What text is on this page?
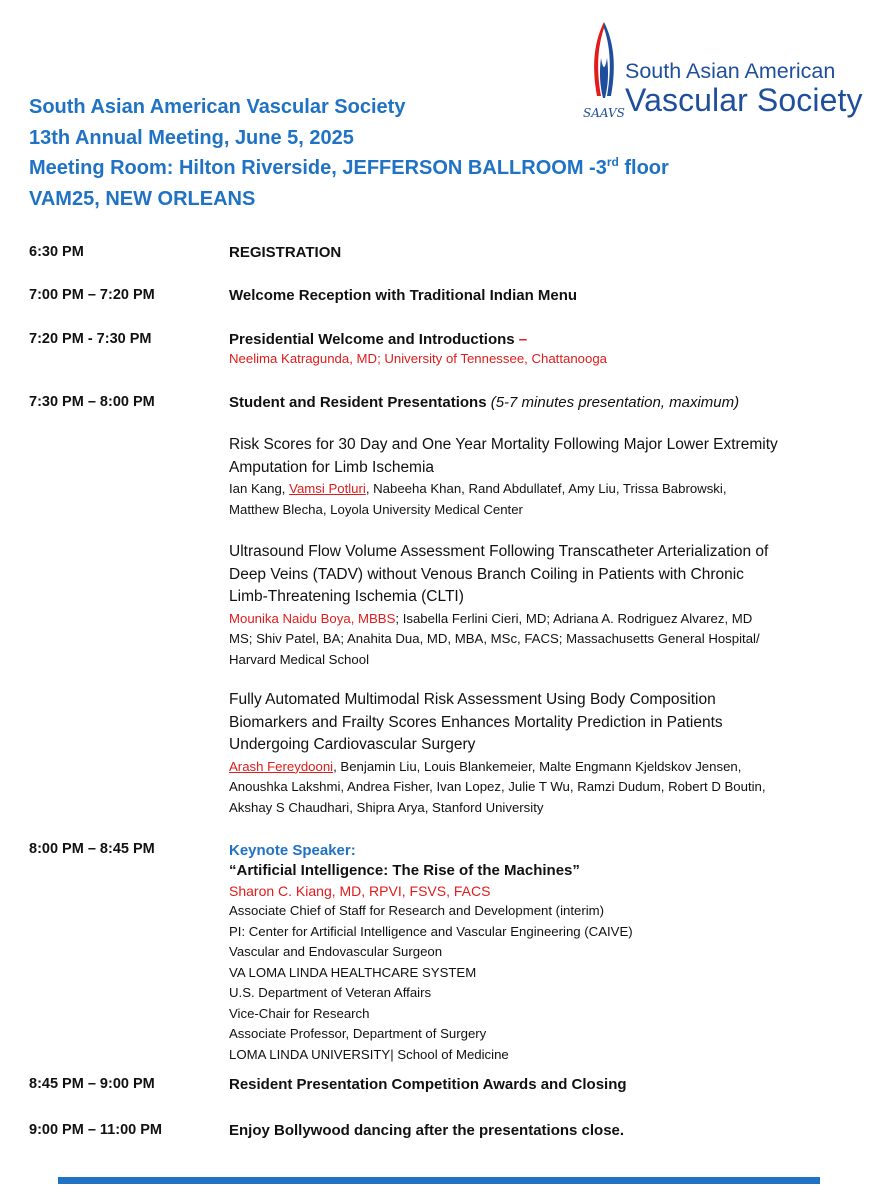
South Asian American
Vascular Society
SAAVS
South Asian American Vascular Society
13th Annual Meeting, June 5, 2025
Meeting Room: Hilton Riverside, JEFFERSON BALLROOM -3rd floor
VAM25, NEW ORLEANS
6:30 PM	REGISTRATION
7:00 PM – 7:20 PM	Welcome Reception with Traditional Indian Menu
7:20 PM - 7:30 PM	Presidential Welcome and Introductions –
Neelima Katragunda, MD; University of Tennessee, Chattanooga
7:30 PM – 8:00 PM	Student and Resident Presentations (5-7 minutes presentation, maximum)
Risk Scores for 30 Day and One Year Mortality Following Major Lower Extremity
Amputation for Limb Ischemia
Ian Kang, Vamsi Potluri, Nabeeha Khan, Rand Abdullatef, Amy Liu, Trissa Babrowski,
Matthew Blecha, Loyola University Medical Center
Ultrasound Flow Volume Assessment Following Transcatheter Arterialization of
Deep Veins (TADV) without Venous Branch Coiling in Patients with Chronic
Limb-Threatening Ischemia (CLTI)
Mounika Naidu Boya, MBBS; Isabella Ferlini Cieri, MD; Adriana A. Rodriguez Alvarez, MD
MS; Shiv Patel, BA; Anahita Dua, MD, MBA, MSc, FACS; Massachusetts General Hospital/
Harvard Medical School
Fully Automated Multimodal Risk Assessment Using Body Composition
Biomarkers and Frailty Scores Enhances Mortality Prediction in Patients
Undergoing Cardiovascular Surgery
Arash Fereydooni, Benjamin Liu, Louis Blankemeier, Malte Engmann Kjeldskov Jensen,
Anoushka Lakshmi, Andrea Fisher, Ivan Lopez, Julie T Wu, Ramzi Dudum, Robert D Boutin,
Akshay S Chaudhari, Shipra Arya, Stanford University
8:00 PM – 8:45 PM	Keynote Speaker:
“Artificial Intelligence: The Rise of the Machines”
Sharon C. Kiang, MD, RPVI, FSVS, FACS
Associate Chief of Staff for Research and Development (interim)
PI: Center for Artificial Intelligence and Vascular Engineering (CAIVE)
Vascular and Endovascular Surgeon
VA LOMA LINDA HEALTHCARE SYSTEM
U.S. Department of Veteran Affairs
Vice-Chair for Research
Associate Professor, Department of Surgery
LOMA LINDA UNIVERSITY| School of Medicine
8:45 PM – 9:00 PM	Resident Presentation Competition Awards and Closing
9:00 PM – 11:00 PM	Enjoy Bollywood dancing after the presentations close.
